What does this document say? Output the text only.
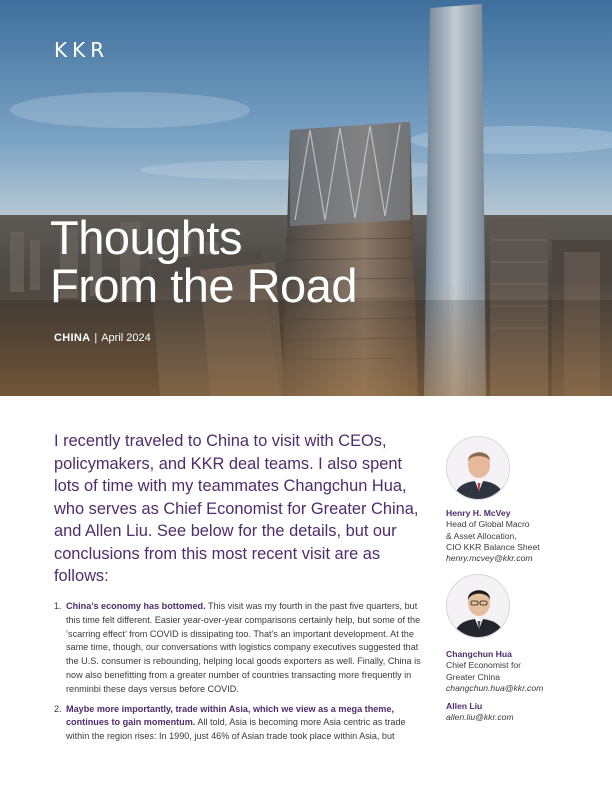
KKR
Thoughts
From the Road
CHINA | April 2024

I recently traveled to China to visit with CEOs, policymakers, and KKR deal teams. I also spent lots of time with my teammates Changchun Hua, who serves as Chief Economist for Greater China, and Allen Liu. See below for the details, but our conclusions from this most recent visit are as follows:

1. China’s economy has bottomed. This visit was my fourth in the past five quarters, but this time felt different. Easier year-over-year comparisons certainly help, but some of the ‘scarring effect’ from COVID is dissipating too. That’s an important development. At the same time, though, our conversations with logistics company executives suggested that the U.S. consumer is rebounding, helping local goods exporters as well. Finally, China is now also benefitting from a greater number of countries transacting more frequently in renminbi these days versus before COVID.
2. Maybe more importantly, trade within Asia, which we view as a mega theme, continues to gain momentum. All told, Asia is becoming more Asia centric as trade within the region rises: In 1990, just 46% of Asian trade took place within Asia, but
Henry H. McVey
Head of Global Macro
& Asset Allocation,
CIO KKR Balance Sheet
henry.mcvey@kkr.com
Changchun Hua
Chief Economist for
Greater China
changchun.hua@kkr.com
Allen Liu
allen.liu@kkr.com
